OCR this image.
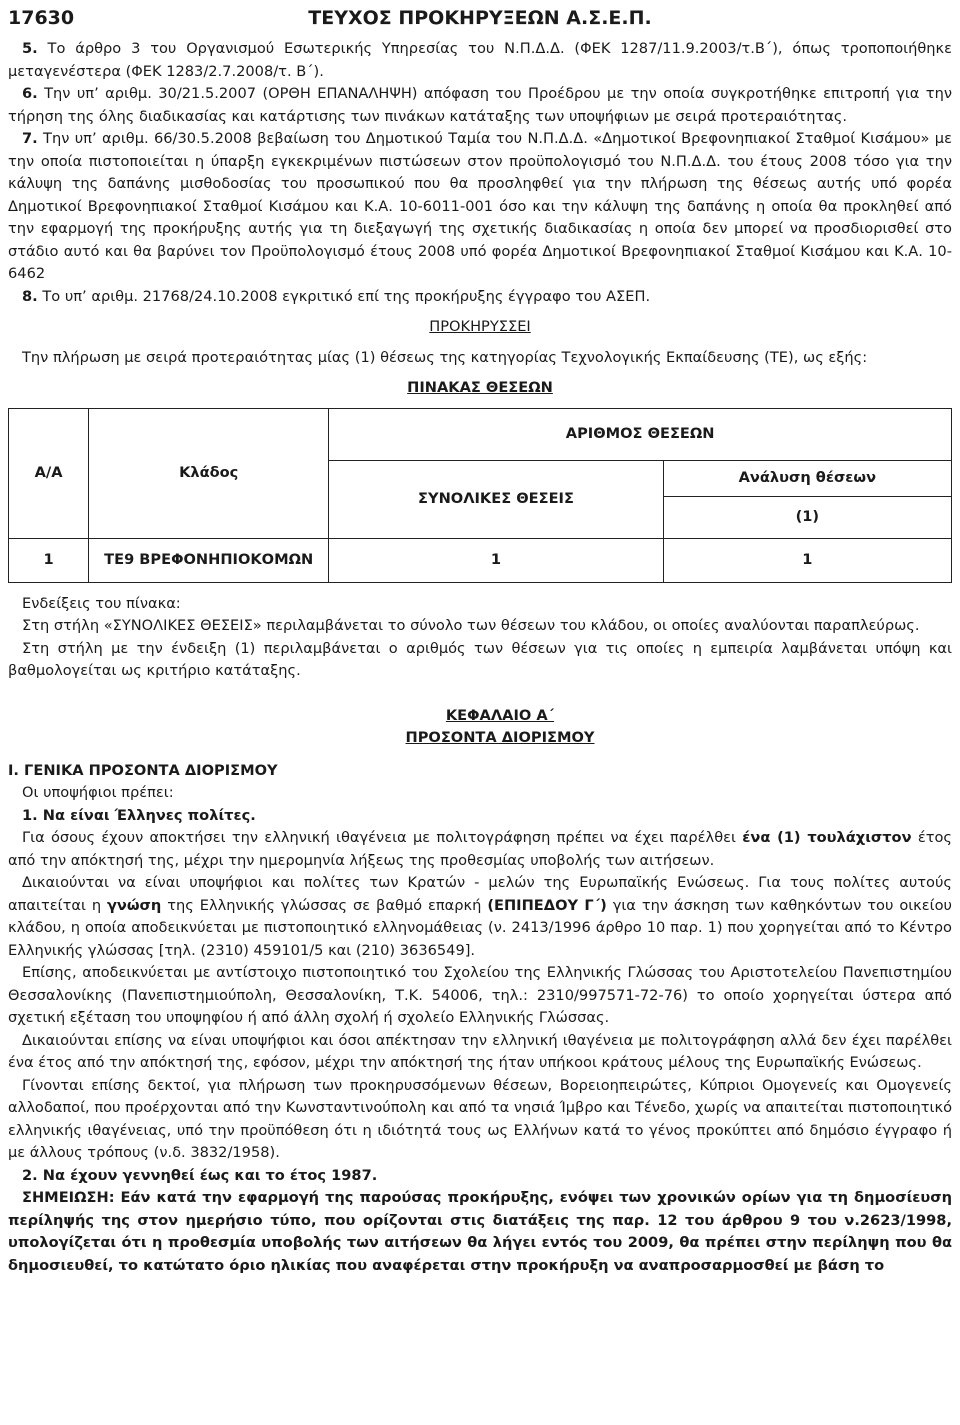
17630	ΤΕΥΧΟΣ ΠΡΟΚΗΡΥΞΕΩΝ Α.Σ.Ε.Π.

5. Το άρθρο 3 του Οργανισμού Εσωτερικής Υπηρεσίας του Ν.Π.Δ.Δ. (ΦΕΚ 1287/11.9.2003/τ.Β΄), όπως τροποποιήθηκε μεταγενέστερα (ΦΕΚ 1283/2.7.2008/τ. Β΄).

6. Την υπ’ αριθμ. 30/21.5.2007 (ΟΡΘΗ ΕΠΑΝΑΛΗΨΗ) απόφαση του Προέδρου με την οποία συγκροτήθηκε επιτροπή για την τήρηση της όλης διαδικασίας και κατάρτισης των πινάκων κατάταξης των υποψήφιων με σειρά προτεραιότητας.

7. Την υπ’ αριθμ. 66/30.5.2008 βεβαίωση του Δημοτικού Ταμία του Ν.Π.Δ.Δ. «Δημοτικοί Βρεφονηπιακοί Σταθμοί Κισάμου» με την οποία πιστοποιείται η ύπαρξη εγκεκριμένων πιστώσεων στον προϋπολογισμό του Ν.Π.Δ.Δ. του έτους 2008 τόσο για την κάλυψη της δαπάνης μισθοδοσίας του προσωπικού που θα προσληφθεί για την πλήρωση της θέσεως αυτής υπό φορέα Δημοτικοί Βρεφονηπιακοί Σταθμοί Κισάμου και Κ.Α. 10-6011-001 όσο και την κάλυψη της δαπάνης η οποία θα προκληθεί από την εφαρμογή της προκήρυξης αυτής για τη διεξαγωγή της σχετικής διαδικασίας η οποία δεν μπορεί να προσδιορισθεί στο στάδιο αυτό και θα βαρύνει τον Προϋπολογισμό έτους 2008 υπό φορέα Δημοτικοί Βρεφονηπιακοί Σταθμοί Κισάμου και Κ.Α. 10-6462

8. Το υπ’ αριθμ. 21768/24.10.2008 εγκριτικό επί της προκήρυξης έγγραφο του ΑΣΕΠ.

ΠΡΟΚΗΡΥΣΣΕΙ

Την πλήρωση με σειρά προτεραιότητας μίας (1) θέσεως της κατηγορίας Τεχνολογικής Εκπαίδευσης (ΤΕ), ως εξής:

ΠΙΝΑΚΑΣ ΘΕΣΕΩΝ
Α/Α	Κλάδος	ΑΡΙΘΜΟΣ ΘΕΣΕΩΝ	
		ΣΥΝΟΛΙΚΕΣ ΘΕΣΕΙΣ	Ανάλυση θέσεων
			(1)
1	ΤΕ9 ΒΡΕΦΟΝΗΠΙΟΚΟΜΩΝ	1	1

Ενδείξεις του πίνακα:

Στη στήλη «ΣΥΝΟΛΙΚΕΣ ΘΕΣΕΙΣ» περιλαμβάνεται το σύνολο των θέσεων του κλάδου, οι οποίες αναλύονται παραπλεύρως.

Στη στήλη με την ένδειξη (1) περιλαμβάνεται ο αριθμός των θέσεων για τις οποίες η εμπειρία λαμβάνεται υπόψη και βαθμολογείται ως κριτήριο κατάταξης.

ΚΕΦΑΛΑΙΟ Α΄
ΠΡΟΣΟΝΤΑ ΔΙΟΡΙΣΜΟΥ

Ι. ΓΕΝΙΚΑ ΠΡΟΣΟΝΤΑ ΔΙΟΡΙΣΜΟΥ

Οι υποψήφιοι πρέπει:

1. Να είναι Έλληνες πολίτες.

Για όσους έχουν αποκτήσει την ελληνική ιθαγένεια με πολιτογράφηση πρέπει να έχει παρέλθει ένα (1) τουλάχιστον έτος από την απόκτησή της, μέχρι την ημερομηνία λήξεως της προθεσμίας υποβολής των αιτήσεων.

Δικαιούνται να είναι υποψήφιοι και πολίτες των Κρατών - μελών της Ευρωπαϊκής Ενώσεως. Για τους πολίτες αυτούς απαιτείται η γνώση της Ελληνικής γλώσσας σε βαθμό επαρκή (ΕΠΙΠΕΔΟΥ Γ΄) για την άσκηση των καθηκόντων του οικείου κλάδου, η οποία αποδεικνύεται με πιστοποιητικό ελληνομάθειας (ν. 2413/1996 άρθρο 10 παρ. 1) που χορηγείται από το Κέντρο Ελληνικής γλώσσας [τηλ. (2310) 459101/5 και (210) 3636549].

Επίσης, αποδεικνύεται με αντίστοιχο πιστοποιητικό του Σχολείου της Ελληνικής Γλώσσας του Αριστοτελείου Πανεπιστημίου Θεσσαλονίκης (Πανεπιστημιούπολη, Θεσσαλονίκη, Τ.Κ. 54006, τηλ.: 2310/997571-72-76) το οποίο χορηγείται ύστερα από σχετική εξέταση του υποψηφίου ή από άλλη σχολή ή σχολείο Ελληνικής Γλώσσας.

Δικαιούνται επίσης να είναι υποψήφιοι και όσοι απέκτησαν την ελληνική ιθαγένεια με πολιτογράφηση αλλά δεν έχει παρέλθει ένα έτος από την απόκτησή της, εφόσον, μέχρι την απόκτησή της ήταν υπήκοοι κράτους μέλους της Ευρωπαϊκής Ενώσεως.

Γίνονται επίσης δεκτοί, για πλήρωση των προκηρυσσόμενων θέσεων, Βορειοηπειρώτες, Κύπριοι Ομογενείς και Ομογενείς αλλοδαποί, που προέρχονται από την Κωνσταντινούπολη και από τα νησιά Ίμβρο και Τένεδο, χωρίς να απαιτείται πιστοποιητικό ελληνικής ιθαγένειας, υπό την προϋπόθεση ότι η ιδιότητά τους ως Ελλήνων κατά το γένος προκύπτει από δημόσιο έγγραφο ή με άλλους τρόπους (ν.δ. 3832/1958).

2. Να έχουν γεννηθεί έως και το έτος 1987.

ΣΗΜΕΙΩΣΗ: Εάν κατά την εφαρμογή της παρούσας προκήρυξης, ενόψει των χρονικών ορίων για τη δημοσίευση περίληψής της στον ημερήσιο τύπο, που ορίζονται στις διατάξεις της παρ. 12 του άρθρου 9 του ν.2623/1998, υπολογίζεται ότι η προθεσμία υποβολής των αιτήσεων θα λήγει εντός του 2009, θα πρέπει στην περίληψη που θα δημοσιευθεί, το κατώτατο όριο ηλικίας που αναφέρεται στην προκήρυξη να αναπροσαρμοσθεί με βάση το
